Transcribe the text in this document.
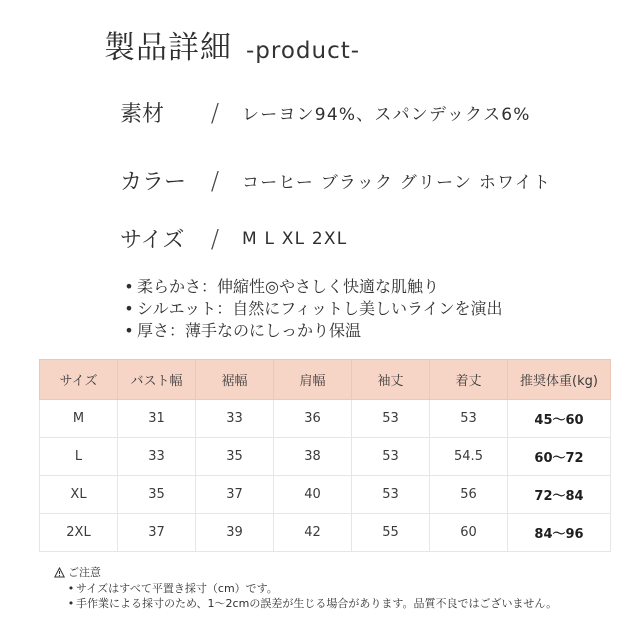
製品詳細 -product-
素材	/	レーヨン94%、スパンデックス6%
カラー /	コーヒー ブラック グリーン ホワイト
サイズ	/	M L XL 2XL
• 柔らかさ：伸縮性◎やさしく快適な肌触り
• シルエット：自然にフィットし美しいラインを演出
• 厚さ：薄手なのにしっかり保温
サイズ	バスト幅	裾幅	肩幅	袖丈	着丈	推奨体重(kg)
M	31	33	36	53	53	45〜60
L	33	35	38	53	54.5	60〜72
XL	35	37	40	53	56	72〜84
2XL	37	39	42	55	60	84〜96
ご注意
• サイズはすべて平置き採寸（cm）です。
• 手作業による採寸のため、1～2cmの誤差が生じる場合があります。品質不良ではございません。
